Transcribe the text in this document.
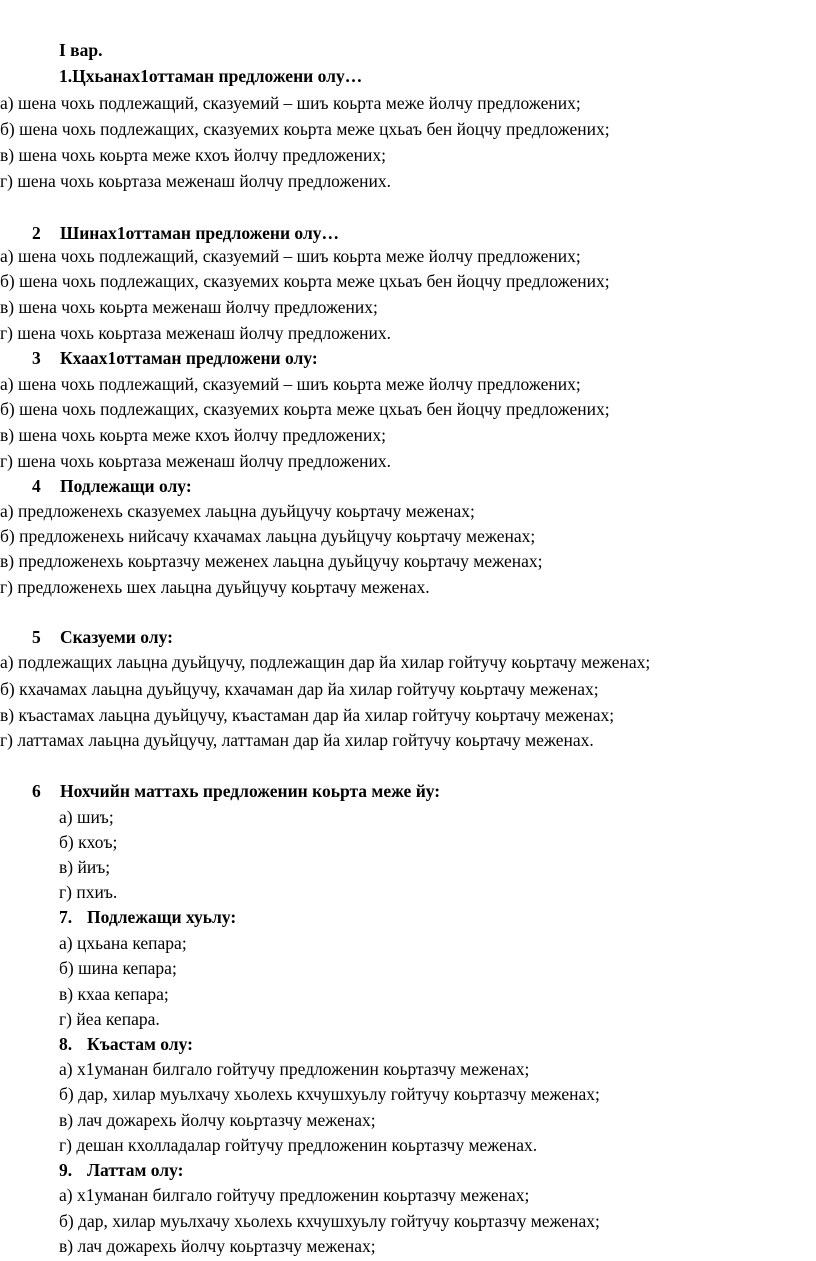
I вар.
1.Цхьанах1оттаман предложени олу…
а) шена чохь подлежащий, сказуемий – шиъ коьрта меже йолчу предложених;
б) шена чохь подлежащих, сказуемих коьрта меже цхьаъ бен йоцчу предложених;
в) шена чохь коьрта меже кхоъ йолчу предложених;
г) шена чохь коьртаза меженаш йолчу предложених.
2 Шинах1оттаман предложени олу…
а) шена чохь подлежащий, сказуемий – шиъ коьрта меже йолчу предложених;
б) шена чохь подлежащих, сказуемих коьрта меже цхьаъ бен йоцчу предложених;
в) шена чохь коьрта меженаш йолчу предложених;
г) шена чохь коьртаза меженаш йолчу предложених.
3 Кхаах1оттаман предложени олу:
а) шена чохь подлежащий, сказуемий – шиъ коьрта меже йолчу предложених;
б) шена чохь подлежащих, сказуемих коьрта меже цхьаъ бен йоцчу предложених;
в) шена чохь коьрта меже кхоъ йолчу предложених;
г) шена чохь коьртаза меженаш йолчу предложених.
4 Подлежащи олу:
а) предложенехь сказуемех лаьцна дуьйцучу коьртачу меженах;
б) предложенехь нийсачу кхачамах лаьцна дуьйцучу коьртачу меженах;
в) предложенехь коьртазчу меженех лаьцна дуьйцучу коьртачу меженах;
г) предложенехь шех лаьцна дуьйцучу коьртачу меженах.
5 Сказуеми олу:
а) подлежащих лаьцна дуьйцучу, подлежащин дар йа хилар гойтучу коьртачу меженах;
б) кхачамах лаьцна дуьйцучу, кхачаман дар йа хилар гойтучу коьртачу меженах;
в) къастамах лаьцна дуьйцучу, къастаман дар йа хилар гойтучу коьртачу меженах;
г) латтамах лаьцна дуьйцучу, латтаман дар йа хилар гойтучу коьртачу меженах.
6 Нохчийн маттахь предложенин коьрта меже йу:
а) шиъ;
б) кхоъ;
в) йиъ;
г) пхиъ.
7. Подлежащи хуьлу:
а) цхьана кепара;
б) шина кепара;
в) кхаа кепара;
г) йеа кепара.
8. Къастам олу:
а) х1уманан билгало гойтучу предложенин коьртазчу меженах;
б) дар, хилар муьлхачу хьолехь кхчушхуьлу гойтучу коьртазчу меженах;
в) лач дожарехь йолчу коьртазчу меженах;
г) дешан кхолладалар гойтучу предложенин коьртазчу меженах.
9. Латтам олу:
а) х1уманан билгало гойтучу предложенин коьртазчу меженах;
б) дар, хилар муьлхачу хьолехь кхчушхуьлу гойтучу коьртазчу меженах;
в) лач дожарехь йолчу коьртазчу меженах;
